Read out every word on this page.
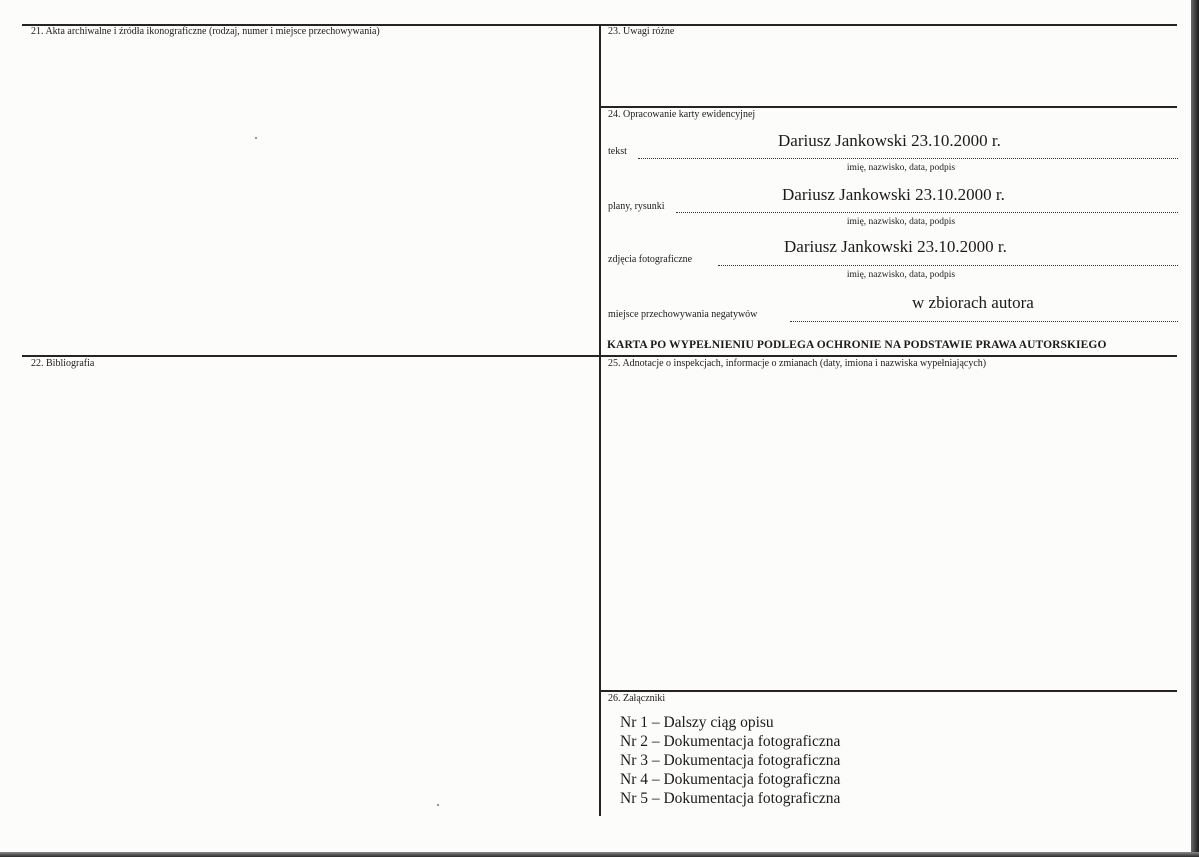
21. Akta archiwalne i źródła ikonograficzne (rodzaj, numer i miejsce przechowywania)
22. Bibliografia
23. Uwagi różne
24. Opracowanie karty ewidencyjnej
tekst
Dariusz Jankowski 23.10.2000 r.
imię, nazwisko, data, podpis
plany, rysunki
Dariusz Jankowski 23.10.2000 r.
imię, nazwisko, data, podpis
zdjęcia fotograficzne
Dariusz Jankowski 23.10.2000 r.
imię, nazwisko, data, podpis
miejsce przechowywania negatywów
w zbiorach autora
KARTA PO WYPEŁNIENIU PODLEGA OCHRONIE NA PODSTAWIE PRAWA AUTORSKIEGO
25. Adnotacje o inspekcjach, informacje o zmianach (daty, imiona i nazwiska wypełniających)
26. Załączniki
Nr 1 – Dalszy ciąg opisu
Nr 2 – Dokumentacja fotograficzna
Nr 3 – Dokumentacja fotograficzna
Nr 4 – Dokumentacja fotograficzna
Nr 5 – Dokumentacja fotograficzna
